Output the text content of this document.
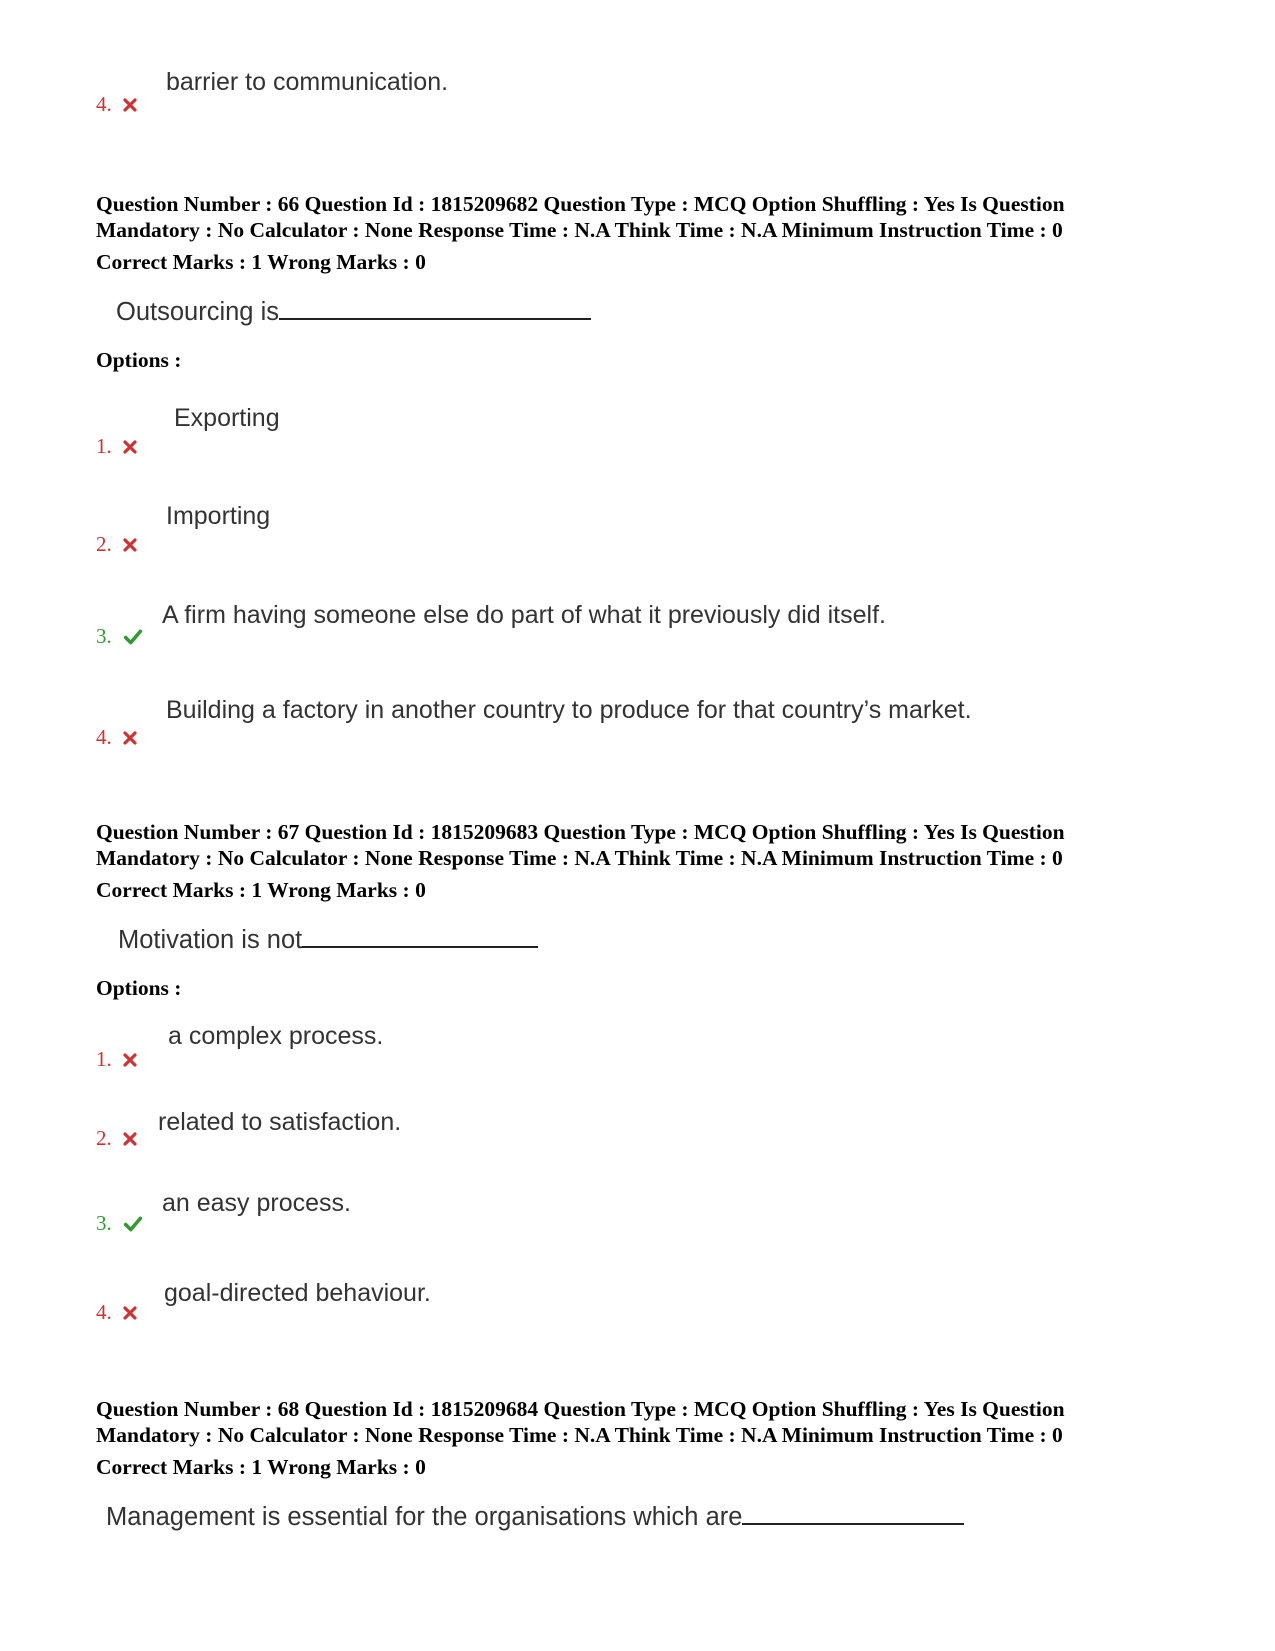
barrier to communication.
4.
Question Number : 66 Question Id : 1815209682 Question Type : MCQ Option Shuffling : Yes Is Question
Mandatory : No Calculator : None Response Time : N.A Think Time : N.A Minimum Instruction Time : 0
Correct Marks : 1 Wrong Marks : 0
Outsourcing is
Options :
Exporting
1.
Importing
2.
A firm having someone else do part of what it previously did itself.
3.
Building a factory in another country to produce for that country’s market.
4.
Question Number : 67 Question Id : 1815209683 Question Type : MCQ Option Shuffling : Yes Is Question
Mandatory : No Calculator : None Response Time : N.A Think Time : N.A Minimum Instruction Time : 0
Correct Marks : 1 Wrong Marks : 0
Motivation is not
Options :
a complex process.
1.
related to satisfaction.
2.
an easy process.
3.
goal-directed behaviour.
4.
Question Number : 68 Question Id : 1815209684 Question Type : MCQ Option Shuffling : Yes Is Question
Mandatory : No Calculator : None Response Time : N.A Think Time : N.A Minimum Instruction Time : 0
Correct Marks : 1 Wrong Marks : 0
Management is essential for the organisations which are
